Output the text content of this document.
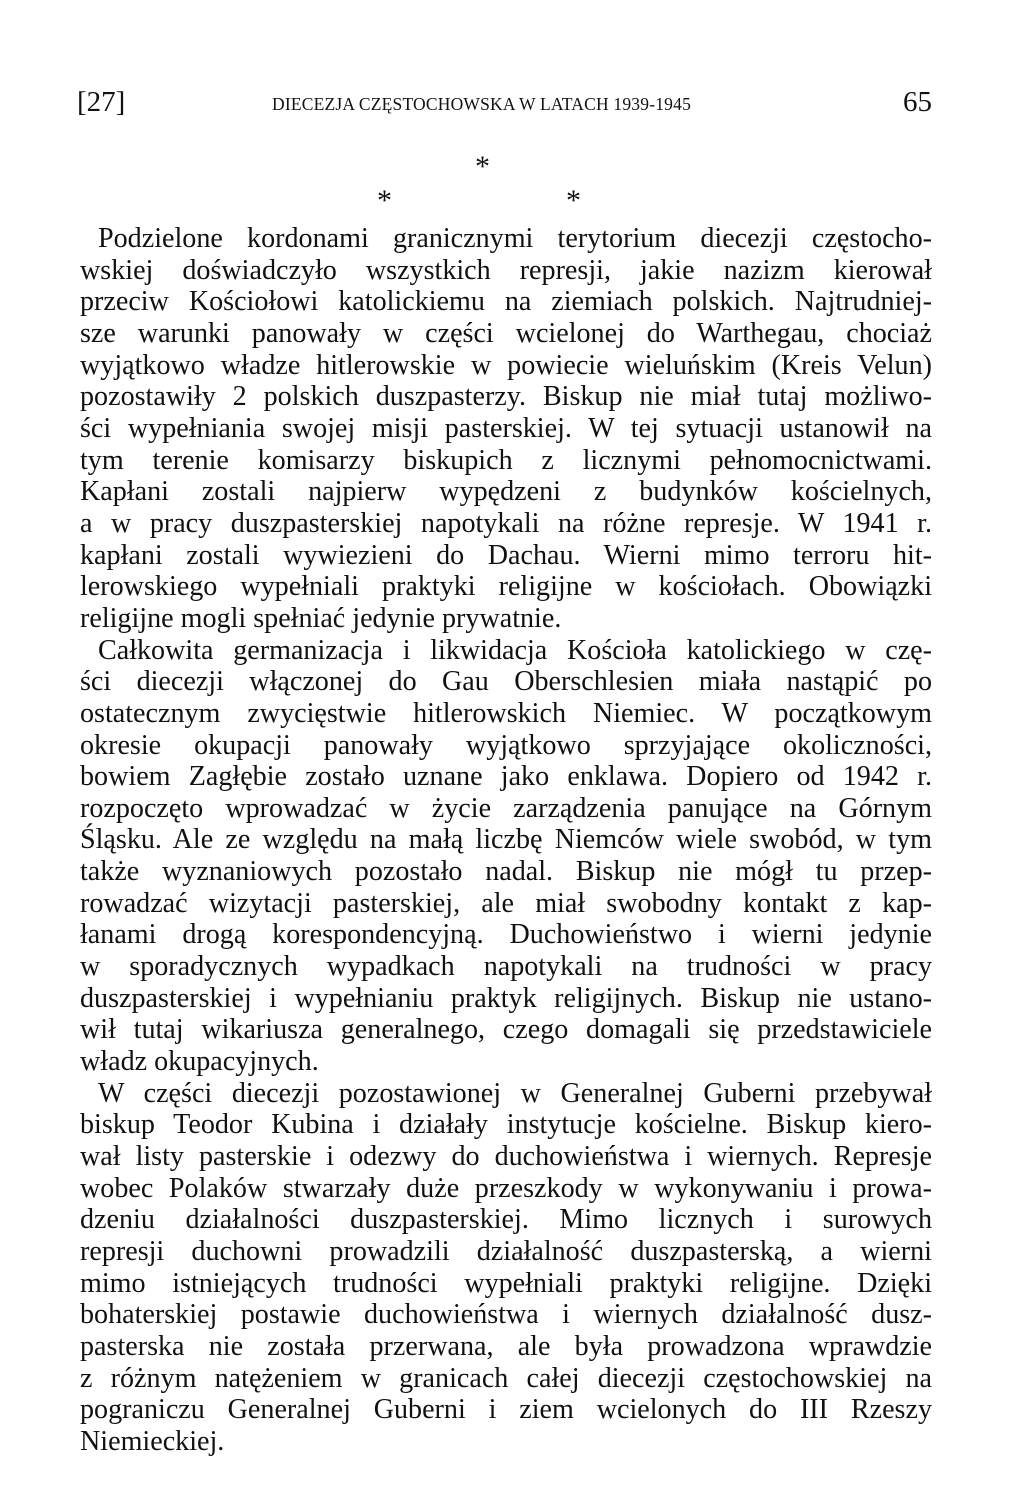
[27]	DIECEZJA CZĘSTOCHOWSKA W LATACH 1939-1945	65
*
*	*
Podzielone kordonami granicznymi terytorium diecezji częstocho-
wskiej doświadczyło wszystkich represji, jakie nazizm kierował
przeciw Kościołowi katolickiemu na ziemiach polskich. Najtrudniej-
sze warunki panowały w części wcielonej do Warthegau, chociaż
wyjątkowo władze hitlerowskie w powiecie wieluńskim (Kreis Velun)
pozostawiły 2 polskich duszpasterzy. Biskup nie miał tutaj możliwo-
ści wypełniania swojej misji pasterskiej. W tej sytuacji ustanowił na
tym terenie komisarzy biskupich z licznymi pełnomocnictwami.
Kapłani zostali najpierw wypędzeni z budynków kościelnych,
a w pracy duszpasterskiej napotykali na różne represje. W 1941 r.
kapłani zostali wywiezieni do Dachau. Wierni mimo terroru hit-
lerowskiego wypełniali praktyki religijne w kościołach. Obowiązki
religijne mogli spełniać jedynie prywatnie.
Całkowita germanizacja i likwidacja Kościoła katolickiego w czę-
ści diecezji włączonej do Gau Oberschlesien miała nastąpić po
ostatecznym zwycięstwie hitlerowskich Niemiec. W początkowym
okresie okupacji panowały wyjątkowo sprzyjające okoliczności,
bowiem Zagłębie zostało uznane jako enklawa. Dopiero od 1942 r.
rozpoczęto wprowadzać w życie zarządzenia panujące na Górnym
Śląsku. Ale ze względu na małą liczbę Niemców wiele swobód, w tym
także wyznaniowych pozostało nadal. Biskup nie mógł tu przep-
rowadzać wizytacji pasterskiej, ale miał swobodny kontakt z kap-
łanami drogą korespondencyjną. Duchowieństwo i wierni jedynie
w sporadycznych wypadkach napotykali na trudności w pracy
duszpasterskiej i wypełnianiu praktyk religijnych. Biskup nie ustano-
wił tutaj wikariusza generalnego, czego domagali się przedstawiciele
władz okupacyjnych.
W części diecezji pozostawionej w Generalnej Guberni przebywał
biskup Teodor Kubina i działały instytucje kościelne. Biskup kiero-
wał listy pasterskie i odezwy do duchowieństwa i wiernych. Represje
wobec Polaków stwarzały duże przeszkody w wykonywaniu i prowa-
dzeniu działalności duszpasterskiej. Mimo licznych i surowych
represji duchowni prowadzili działalność duszpasterską, a wierni
mimo istniejących trudności wypełniali praktyki religijne. Dzięki
bohaterskiej postawie duchowieństwa i wiernych działalność dusz-
pasterska nie została przerwana, ale była prowadzona wprawdzie
z różnym natężeniem w granicach całej diecezji częstochowskiej na
pograniczu Generalnej Guberni i ziem wcielonych do III Rzeszy
Niemieckiej.
